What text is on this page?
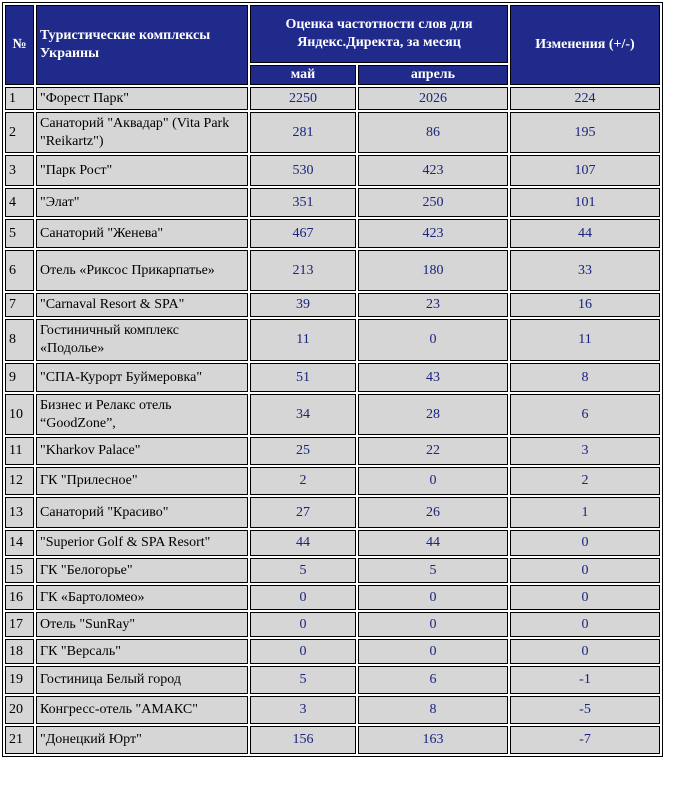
№	Туристические комплексы Украины	Оценка частотности слов для Яндекс.Директа, за месяц		Изменения (+/-)
		май	апрель	
1	"Форест Парк"	2250	2026	224
2	Санаторий "Аквадар" (Vita Park "Reikartz")	281	86	195
3	"Парк Рост"	530	423	107
4	"Элат"	351	250	101
5	Санаторий "Женева"	467	423	44
6	Отель «Риксос Прикарпатье»	213	180	33
7	"Carnaval Resort & SPA"	39	23	16
8	Гостиничный комплекс «Подолье»	11	0	11
9	"СПА-Курорт Буймеровка"	51	43	8
10	Бизнес и Релакс отель “GoodZone”,	34	28	6
11	"Kharkov Palace"	25	22	3
12	ГК "Прилесное"	2	0	2
13	Санаторий "Красиво"	27	26	1
14	"Superior Golf & SPA Resort"	44	44	0
15	ГК "Белогорье"	5	5	0
16	ГК «Бартоломео»	0	0	0
17	Отель "SunRay"	0	0	0
18	ГК "Версаль"	0	0	0
19	Гостиница Белый город	5	6	-1
20	Конгресс-отель "АМАКС"	3	8	-5
21	"Донецкий Юрт"	156	163	-7
